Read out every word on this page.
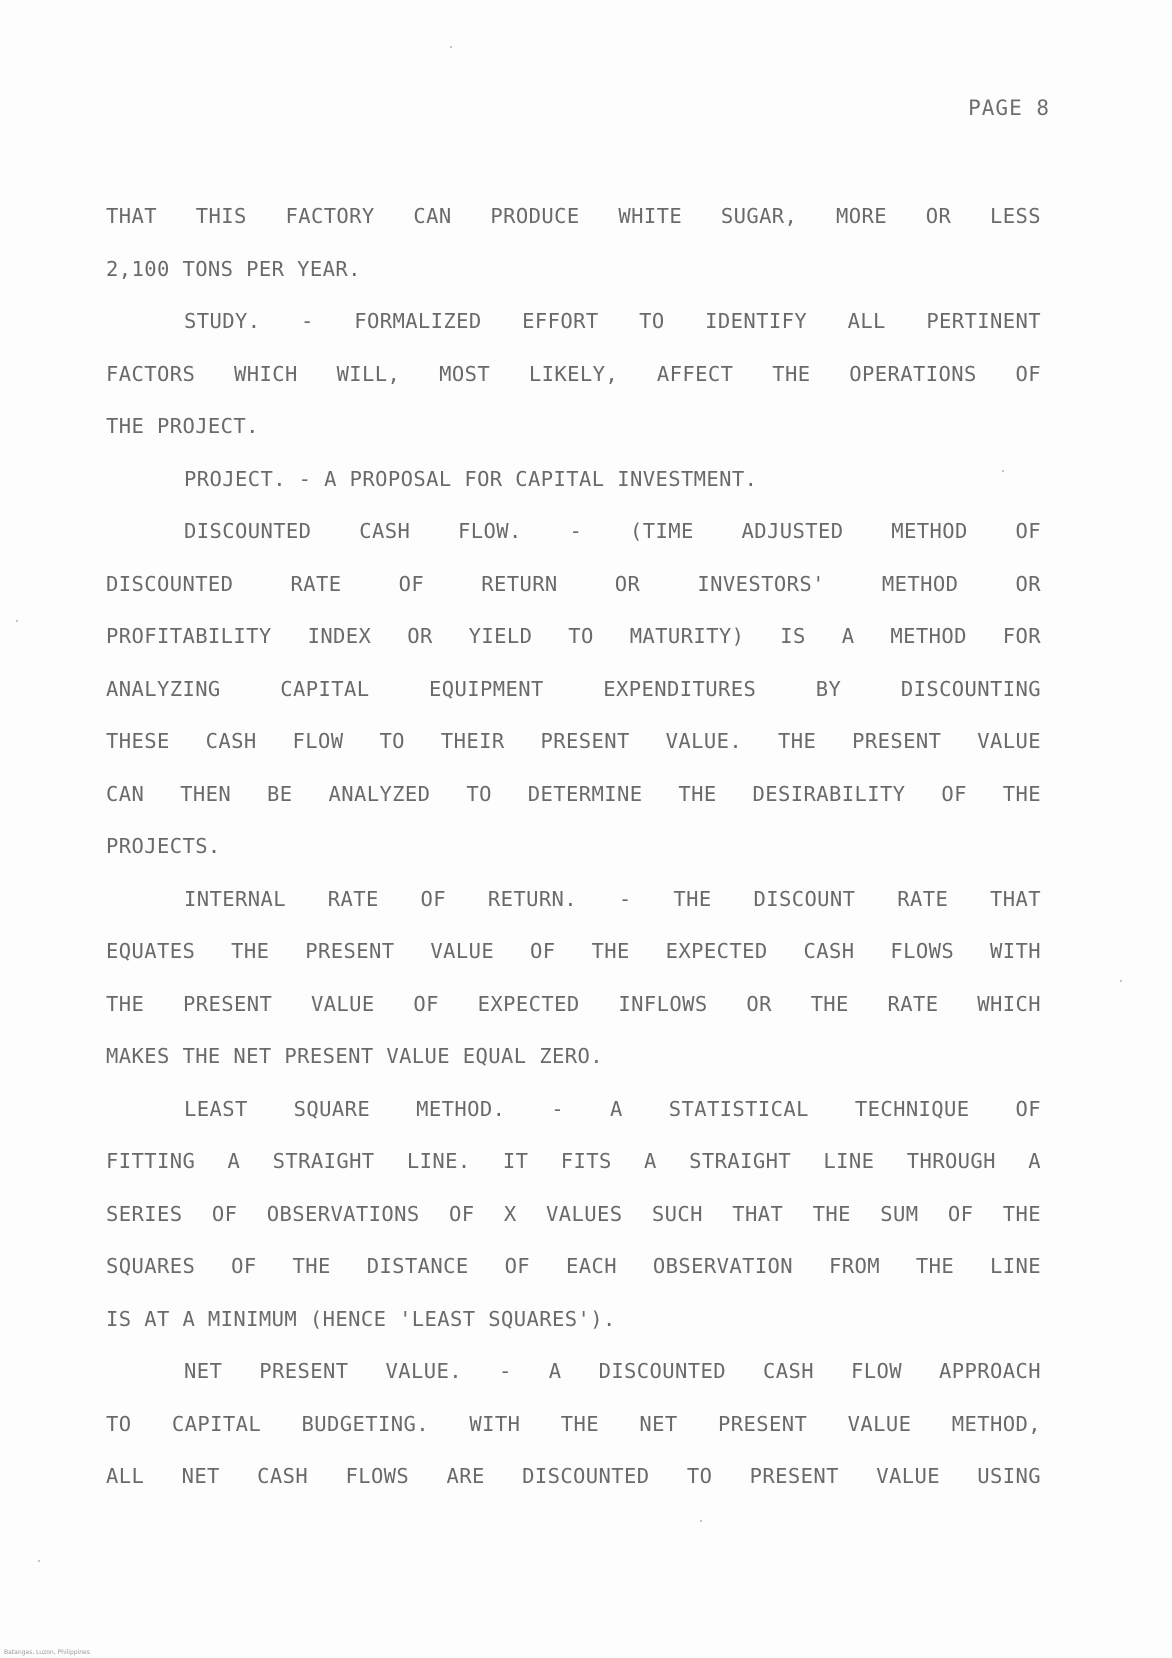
PAGE 8
THAT THIS FACTORY CAN PRODUCE WHITE SUGAR, MORE OR LESS
2,100 TONS PER YEAR.
STUDY. - FORMALIZED EFFORT TO IDENTIFY ALL PERTINENT
FACTORS WHICH WILL, MOST LIKELY, AFFECT THE OPERATIONS OF
THE PROJECT.
PROJECT. - A PROPOSAL FOR CAPITAL INVESTMENT.
DISCOUNTED CASH FLOW. - (TIME ADJUSTED METHOD OF
DISCOUNTED RATE OF RETURN OR INVESTORS' METHOD OR
PROFITABILITY INDEX OR YIELD TO MATURITY) IS A METHOD FOR
ANALYZING CAPITAL EQUIPMENT EXPENDITURES BY DISCOUNTING
THESE CASH FLOW TO THEIR PRESENT VALUE. THE PRESENT VALUE
CAN THEN BE ANALYZED TO DETERMINE THE DESIRABILITY OF THE
PROJECTS.
INTERNAL RATE OF RETURN. - THE DISCOUNT RATE THAT
EQUATES THE PRESENT VALUE OF THE EXPECTED CASH FLOWS WITH
THE PRESENT VALUE OF EXPECTED INFLOWS OR THE RATE WHICH
MAKES THE NET PRESENT VALUE EQUAL ZERO.
LEAST SQUARE METHOD. - A STATISTICAL TECHNIQUE OF
FITTING A STRAIGHT LINE. IT FITS A STRAIGHT LINE THROUGH A
SERIES OF OBSERVATIONS OF X VALUES SUCH THAT THE SUM OF THE
SQUARES OF THE DISTANCE OF EACH OBSERVATION FROM THE LINE
IS AT A MINIMUM (HENCE 'LEAST SQUARES').
NET PRESENT VALUE. - A DISCOUNTED CASH FLOW APPROACH
TO CAPITAL BUDGETING. WITH THE NET PRESENT VALUE METHOD,
ALL NET CASH FLOWS ARE DISCOUNTED TO PRESENT VALUE USING
Batangas, Luzon, Philippines
